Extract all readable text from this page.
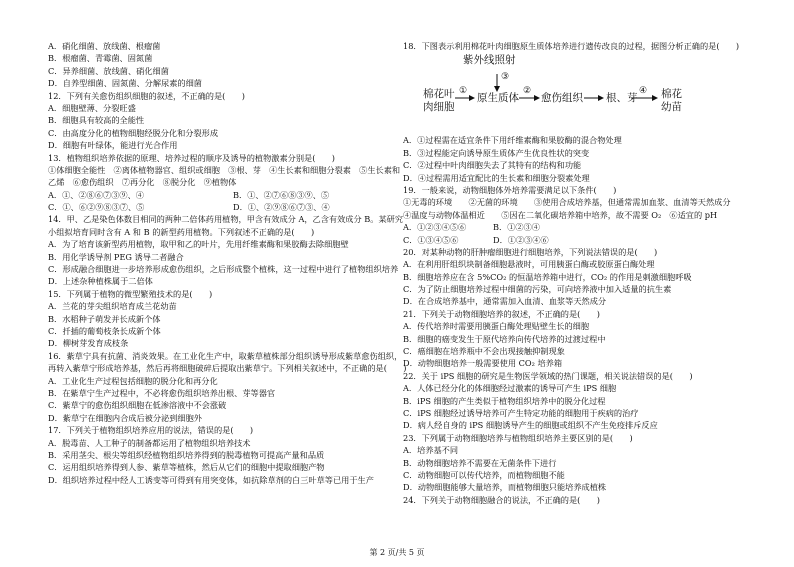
A．硝化细菌、放线菌、根瘤菌
B．根瘤菌、青霉菌、固氮菌
C．异养细菌、放线菌、硝化细菌
D．自养型细菌、固氮菌、分解尿素的细菌
12．下列有关愈伤组织细胞的叙述，不正确的是(　　)
A．细胞壁薄、分裂旺盛
B．细胞具有较高的全能性
C．由高度分化的植物细胞经脱分化和分裂形成
D．细胞有叶绿体，能进行光合作用
13．植物组织培养依据的原理、培养过程的顺序及诱导的植物激素分别是(　　)
①体细胞全能性　②离体植物器官、组织或细胞　③根、芽　④生长素和细胞分裂素　⑤生长素和
乙烯　⑥愈伤组织　⑦再分化　⑧脱分化　⑨植物体
A．①、②⑧⑥⑦③⑨、④	B．①、②⑦⑥⑧③⑨、⑤
C．①、⑥②⑨⑧③⑦、⑤	D．①、②⑨⑧⑥⑦③、④
14．甲、乙是染色体数目相同的两种二倍体药用植物，甲含有效成分 A，乙含有效成分 B。某研究
小组拟培育同时含有 A 和 B 的新型药用植物。下列叙述不正确的是(　　)
A．为了培育该新型药用植物，取甲和乙的叶片，先用纤维素酶和果胶酶去除细胞壁
B．用化学诱导剂 PEG 诱导二者融合
C．形成融合细胞进一步培养形成愈伤组织，之后形成整个植株，这一过程中进行了植物组织培养
D．上述杂种植株属于二倍体
15．下列属于植物的微型繁殖技术的是(　　)
A．兰花的芽尖组织培育成兰花幼苗
B．水稻种子萌发并长成新个体
C．扦插的葡萄枝条长成新个体
D．柳树芽发育成枝条
16．紫草宁具有抗菌、消炎效果。在工业化生产中，取紫草植株部分组织诱导形成紫草愈伤组织，
再转入紫草宁形成培养基，然后再将细胞破碎后提取出紫草宁。下列相关叙述中，不正确的是(　　)
A．工业化生产过程包括细胞的脱分化和再分化
B．在紫草宁生产过程中，不必将愈伤组织培养出根、芽等器官
C．紫草宁的愈伤组织细胞在低渗溶液中不会涨破
D．紫草宁在细胞内合成后被分泌到细胞外
17．下列关于植物组织培养应用的说法，错误的是(　　)
A．脱毒苗、人工种子的制备都运用了植物组织培养技术
B．采用茎尖、根尖等组织经植物组织培养得到的脱毒植物可提高产量和品质
C．运用组织培养得到人参、紫草等植株，然后从它们的细胞中提取细胞产物
D．组织培养过程中经人工诱变等可得到有用突变体，如抗除草剂的白三叶草等已用于生产
18．下图表示利用棉花叶肉细胞原生质体培养进行遗传改良的过程，据图分析正确的是(　　)
紫外线照射
③
①	②	④
棉花叶
肉细胞
原生质体 愈伤组织 根、芽 棉花
幼苗
A．①过程需在适宜条件下用纤维素酶和果胶酶的混合物处理
B．③过程能定向诱导原生质体产生优良性状的突变
C．②过程中叶肉细胞失去了其特有的结构和功能
D．④过程需用适宜配比的生长素和细胞分裂素处理
19．一般来说，动物细胞体外培养需要满足以下条件(　　)
①无毒的环境　　②无菌的环境　　③使用合成培养基，但通常需加血浆、血清等天然成分
④温度与动物体温相近　　⑤因在二氧化碳培养箱中培养，故不需要 O₂　⑥适宜的 pH
A．①②③④⑤⑥	B．①②③④
C．①③④⑤⑥	D．①②③④⑥
20．对某种动物的肝肿瘤细胞进行细胞培养，下列说法错误的是(　　)
A．在利用肝组织块制备细胞悬液时，可用胰蛋白酶或胶原蛋白酶处理
B．细胞培养应在含 5%CO₂ 的恒温培养箱中进行，CO₂ 的作用是刺激细胞呼吸
C．为了防止细胞培养过程中细菌的污染，可向培养液中加入适量的抗生素
D．在合成培养基中，通常需加入血清、血浆等天然成分
21．下列关于动物细胞培养的叙述，不正确的是(　　)
A．传代培养时需要用胰蛋白酶处理贴壁生长的细胞
B．细胞的癌变发生于原代培养向传代培养的过渡过程中
C．癌细胞在培养瓶中不会出现接触抑制现象
D．动物细胞培养一般需要使用 CO₂ 培养箱
22．关于 iPS 细胞的研究是生物医学领域的热门课题，相关说法错误的是(　　)
A．人体已经分化的体细胞经过激素的诱导可产生 iPS 细胞
B．iPS 细胞的产生类似于植物组织培养中的脱分化过程
C．iPS 细胞经过诱导培养可产生特定功能的细胞用于疾病的治疗
D．病人经自身的 iPS 细胞诱导产生的细胞或组织不产生免疫排斥反应
23．下列属于动物细胞培养与植物组织培养主要区别的是(　　)
A．培养基不同
B．动物细胞培养不需要在无菌条件下进行
C．动物细胞可以传代培养，而植物细胞不能
D．动物细胞能够大量培养，而植物细胞只能培养成植株
24．下列关于动物细胞融合的说法，不正确的是(　　)
第 2 页/共 5 页
